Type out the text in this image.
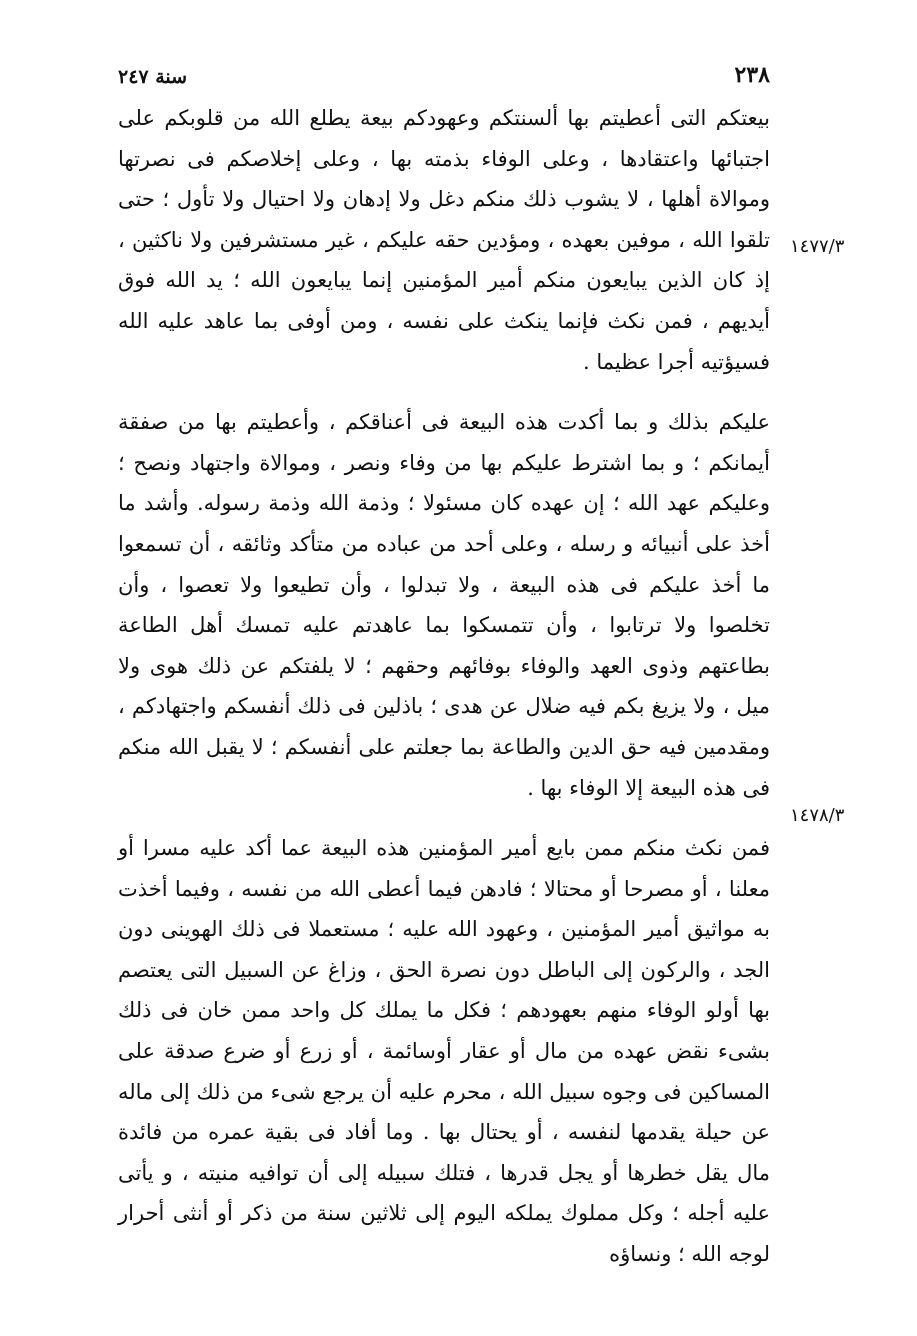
٢٣٨
سنة ٢٤٧
١٤٧٧/٣
١٤٧٨/٣

بيعتكم التى أعطيتم بها ألسنتكم وعهودكم بيعة يطلع الله من قلوبكم على اجتبائها واعتقادها ، وعلى الوفاء بذمته بها ، وعلى إخلاصكم فى نصرتها وموالاة أهلها ، لا يشوب ذلك منكم دغل ولا إدهان ولا احتيال ولا تأول ؛ حتى تلقوا الله ، موفين بعهده ، ومؤدين حقه عليكم ، غير مستشرفين ولا ناكثين ، إذ كان الذين يبايعون منكم أمير المؤمنين إنما يبايعون الله ؛ يد الله فوق أيديهم ، فمن نكث فإنما ينكث على نفسه ، ومن أوفى بما عاهد عليه الله فسيؤتيه أجرا عظيما .

عليكم بذلك و بما أكدت هذه البيعة فى أعناقكم ، وأعطيتم بها من صفقة أيمانكم ؛ و بما اشترط عليكم بها من وفاء ونصر ، وموالاة واجتهاد ونصح ؛ وعليكم عهد الله ؛ إن عهده كان مسئولا ؛ وذمة الله وذمة رسوله. وأشد ما أخذ على أنبيائه و رسله ، وعلى أحد من عباده من متأكد وثائقه ، أن تسمعوا ما أخذ عليكم فى هذه البيعة ، ولا تبدلوا ، وأن تطيعوا ولا تعصوا ، وأن تخلصوا ولا ترتابوا ، وأن تتمسكوا بما عاهدتم عليه تمسك أهل الطاعة بطاعتهم وذوى العهد والوفاء بوفائهم وحقهم ؛ لا يلفتكم عن ذلك هوى ولا ميل ، ولا يزيغ بكم فيه ضلال عن هدى ؛ باذلين فى ذلك أنفسكم واجتهادكم ، ومقدمين فيه حق الدين والطاعة بما جعلتم على أنفسكم ؛ لا يقبل الله منكم فى هذه البيعة إلا الوفاء بها .

فمن نكث منكم ممن بايع أمير المؤمنين هذه البيعة عما أكد عليه مسرا أو معلنا ، أو مصرحا أو محتالا ؛ فادهن فيما أعطى الله من نفسه ، وفيما أخذت به مواثيق أمير المؤمنين ، وعهود الله عليه ؛ مستعملا فى ذلك الهوينى دون الجد ، والركون إلى الباطل دون نصرة الحق ، وزاغ عن السبيل التى يعتصم بها أولو الوفاء منهم بعهودهم ؛ فكل ما يملك كل واحد ممن خان فى ذلك بشىء نقض عهده من مال أو عقار أوسائمة ، أو زرع أو ضرع صدقة على المساكين فى وجوه سبيل الله ، محرم عليه أن يرجع شىء من ذلك إلى ماله عن حيلة يقدمها لنفسه ، أو يحتال بها . وما أفاد فى بقية عمره من فائدة مال يقل خطرها أو يجل قدرها ، فتلك سبيله إلى أن توافيه منيته ، و يأتى عليه أجله ؛ وكل مملوك يملكه اليوم إلى ثلاثين سنة من ذكر أو أنثى أحرار لوجه الله ؛ ونساؤه
